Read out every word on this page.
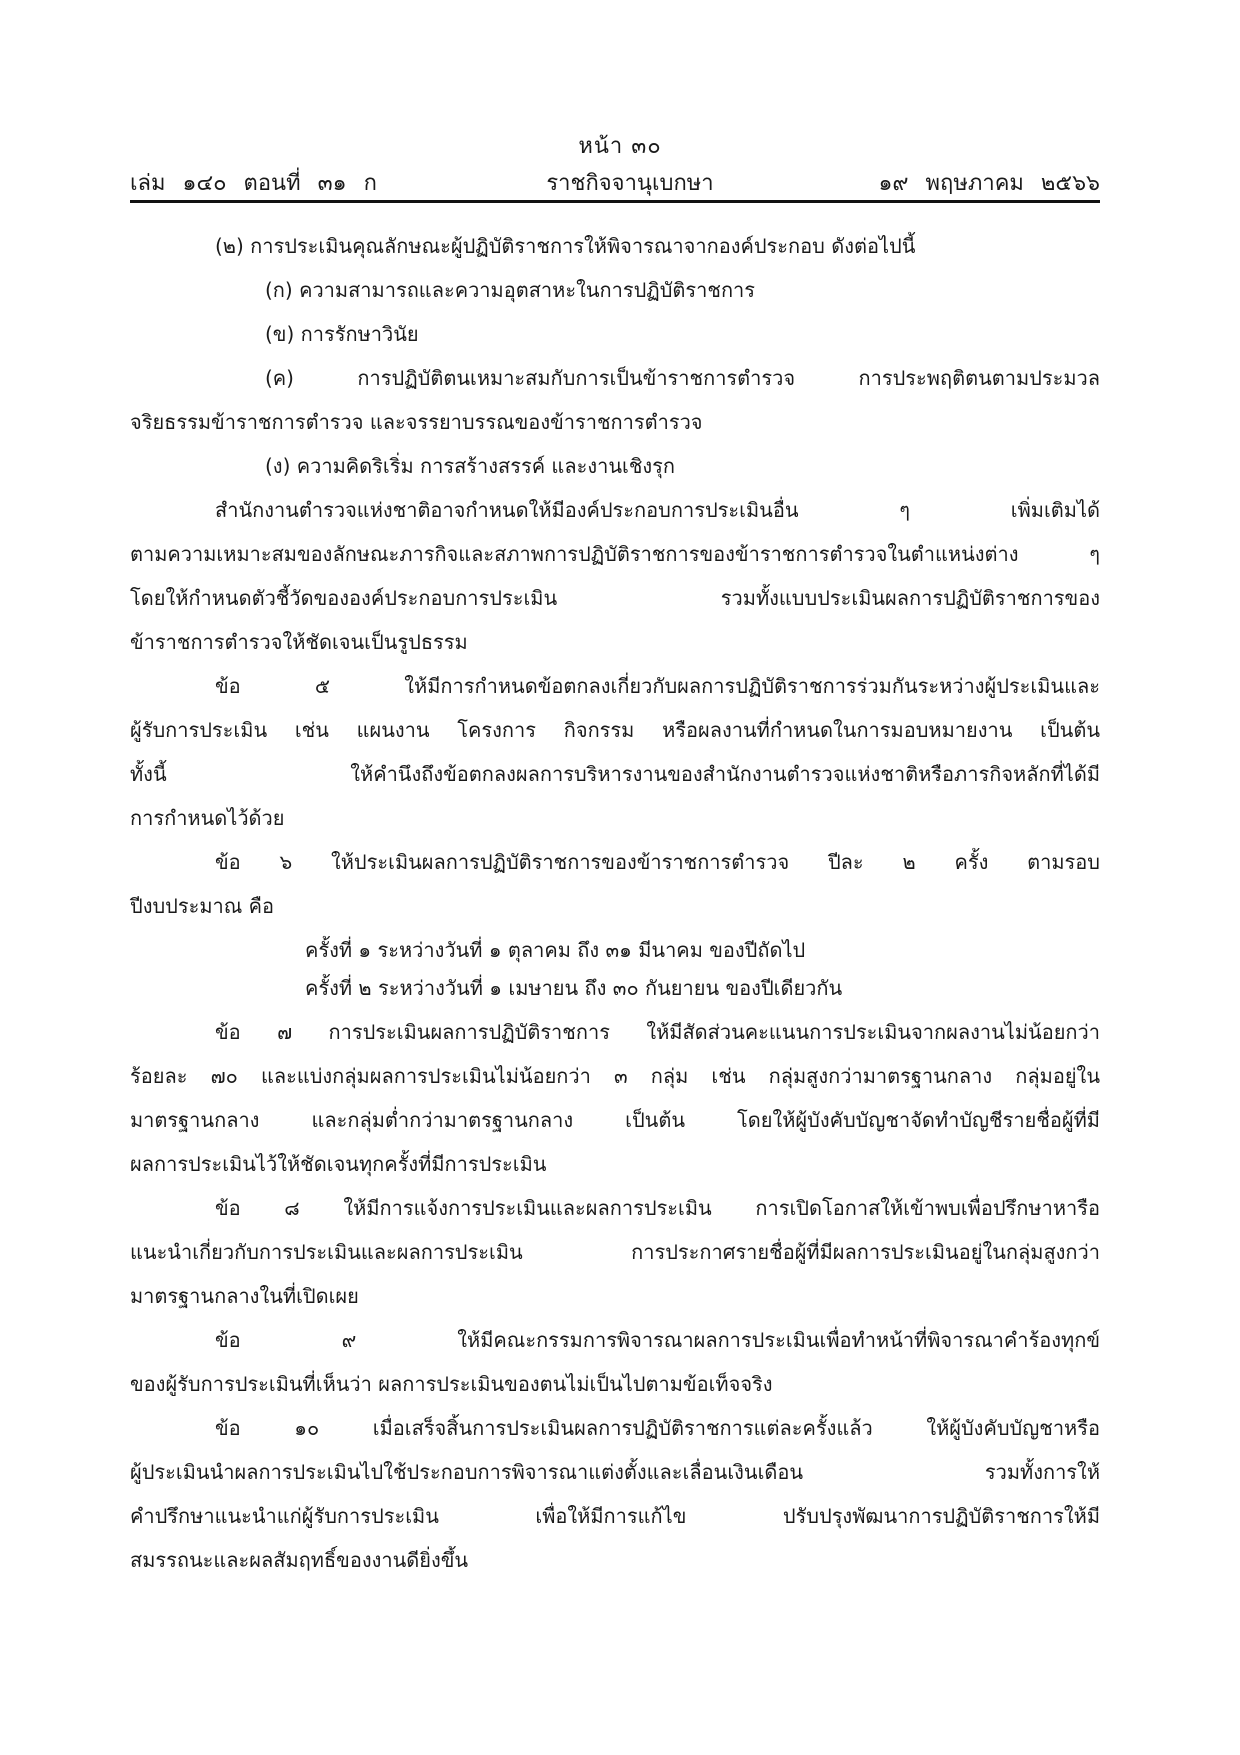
หน้า ๓๐
เล่ม ๑๔๐ ตอนที่ ๓๑ ก	ราชกิจจานุเบกษา	๑๙ พฤษภาคม ๒๕๖๖
(๒) การประเมินคุณลักษณะผู้ปฏิบัติราชการให้พิจารณาจากองค์ประกอบ ดังต่อไปนี้
(ก) ความสามารถและความอุตสาหะในการปฏิบัติราชการ
(ข) การรักษาวินัย
(ค) การปฏิบัติตนเหมาะสมกับการเป็นข้าราชการตำรวจ การประพฤติตนตามประมวล
จริยธรรมข้าราชการตำรวจ และจรรยาบรรณของข้าราชการตำรวจ
(ง) ความคิดริเริ่ม การสร้างสรรค์ และงานเชิงรุก
สำนักงานตำรวจแห่งชาติอาจกำหนดให้มีองค์ประกอบการประเมินอื่น ๆ เพิ่มเติมได้
ตามความเหมาะสมของลักษณะภารกิจและสภาพการปฏิบัติราชการของข้าราชการตำรวจในตำแหน่งต่าง ๆ
โดยให้กำหนดตัวชี้วัดขององค์ประกอบการประเมิน รวมทั้งแบบประเมินผลการปฏิบัติราชการของ
ข้าราชการตำรวจให้ชัดเจนเป็นรูปธรรม
ข้อ ๕ ให้มีการกำหนดข้อตกลงเกี่ยวกับผลการปฏิบัติราชการร่วมกันระหว่างผู้ประเมินและ
ผู้รับการประเมิน เช่น แผนงาน โครงการ กิจกรรม หรือผลงานที่กำหนดในการมอบหมายงาน เป็นต้น
ทั้งนี้ ให้คำนึงถึงข้อตกลงผลการบริหารงานของสำนักงานตำรวจแห่งชาติหรือภารกิจหลักที่ได้มี
การกำหนดไว้ด้วย
ข้อ ๖ ให้ประเมินผลการปฏิบัติราชการของข้าราชการตำรวจ ปีละ ๒ ครั้ง ตามรอบ
ปีงบประมาณ คือ
ครั้งที่ ๑ ระหว่างวันที่ ๑ ตุลาคม ถึง ๓๑ มีนาคม ของปีถัดไป
ครั้งที่ ๒ ระหว่างวันที่ ๑ เมษายน ถึง ๓๐ กันยายน ของปีเดียวกัน
ข้อ ๗ การประเมินผลการปฏิบัติราชการ ให้มีสัดส่วนคะแนนการประเมินจากผลงานไม่น้อยกว่า
ร้อยละ ๗๐ และแบ่งกลุ่มผลการประเมินไม่น้อยกว่า ๓ กลุ่ม เช่น กลุ่มสูงกว่ามาตรฐานกลาง กลุ่มอยู่ใน
มาตรฐานกลาง และกลุ่มต่ำกว่ามาตรฐานกลาง เป็นต้น โดยให้ผู้บังคับบัญชาจัดทำบัญชีรายชื่อผู้ที่มี
ผลการประเมินไว้ให้ชัดเจนทุกครั้งที่มีการประเมิน
ข้อ ๘ ให้มีการแจ้งการประเมินและผลการประเมิน การเปิดโอกาสให้เข้าพบเพื่อปรึกษาหารือ
แนะนำเกี่ยวกับการประเมินและผลการประเมิน การประกาศรายชื่อผู้ที่มีผลการประเมินอยู่ในกลุ่มสูงกว่า
มาตรฐานกลางในที่เปิดเผย
ข้อ ๙ ให้มีคณะกรรมการพิจารณาผลการประเมินเพื่อทำหน้าที่พิจารณาคำร้องทุกข์
ของผู้รับการประเมินที่เห็นว่า ผลการประเมินของตนไม่เป็นไปตามข้อเท็จจริง
ข้อ ๑๐ เมื่อเสร็จสิ้นการประเมินผลการปฏิบัติราชการแต่ละครั้งแล้ว ให้ผู้บังคับบัญชาหรือ
ผู้ประเมินนำผลการประเมินไปใช้ประกอบการพิจารณาแต่งตั้งและเลื่อนเงินเดือน รวมทั้งการให้
คำปรึกษาแนะนำแก่ผู้รับการประเมิน เพื่อให้มีการแก้ไข ปรับปรุงพัฒนาการปฏิบัติราชการให้มี
สมรรถนะและผลสัมฤทธิ์ของงานดียิ่งขึ้น
